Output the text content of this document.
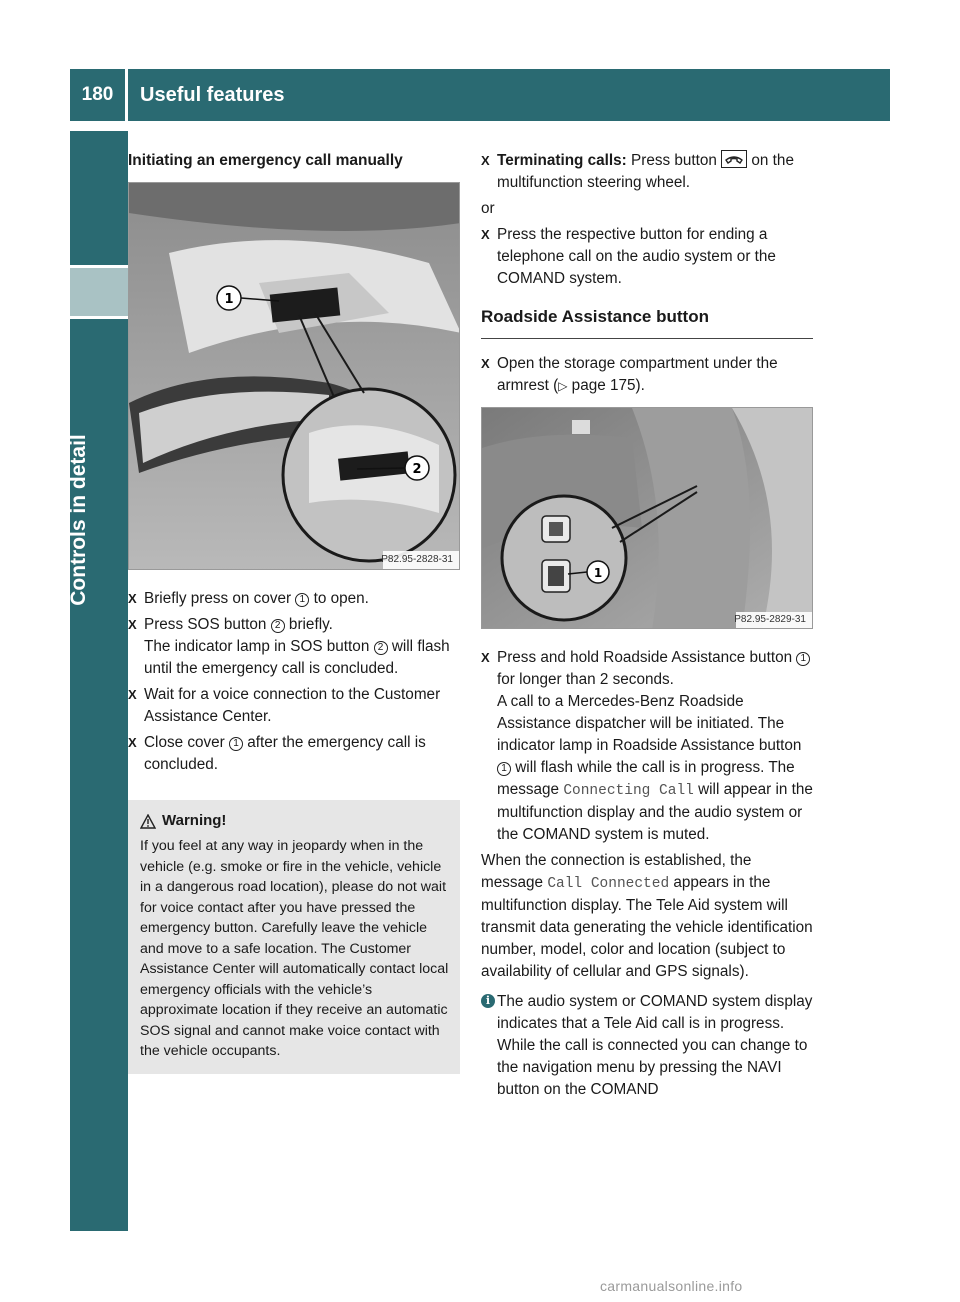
180	Useful features
Controls in detail
Initiating an emergency call manually
1
2
P82.95-2828-31
X Briefly press on cover 1 to open.
X Press SOS button 2 briefly.
The indicator lamp in SOS button 2 will flash until the emergency call is concluded.
X Wait for a voice connection to the Customer Assistance Center.
X Close cover 1 after the emergency call is concluded.
Warning!
If you feel at any way in jeopardy when in the vehicle (e.g. smoke or fire in the vehicle, vehicle in a dangerous road location), please do not wait for voice contact after you have pressed the emergency button. Carefully leave the vehicle and move to a safe location. The Customer Assistance Center will automatically contact local emergency officials with the vehicle’s approximate location if they receive an automatic SOS signal and cannot make voice contact with the vehicle occupants.
X Terminating calls: Press button
on the multifunction steering wheel.
or
X Press the respective button for ending a telephone call on the audio system or the COMAND system.
Roadside Assistance button
X Open the storage compartment under the armrest (▷ page 175).
1
P82.95-2829-31
X Press and hold Roadside Assistance button 1 for longer than 2 seconds.
A call to a Mercedes-Benz Roadside Assistance dispatcher will be initiated. The indicator lamp in Roadside Assistance button 1 will flash while the call is in progress. The message Connecting Call will appear in the multifunction display and the audio system or the COMAND system is muted.
When the connection is established, the message Call Connected appears in the multifunction display. The Tele Aid system will transmit data generating the vehicle identification number, model, color and location (subject to availability of cellular and GPS signals).
i The audio system or COMAND system display indicates that a Tele Aid call is in progress. While the call is connected you can change to the navigation menu by pressing the NAVI button on the COMAND
carmanualsonline.info
